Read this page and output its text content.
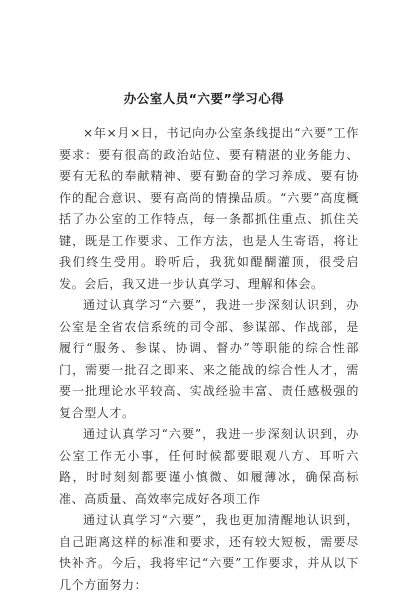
办公室人员“六要”学习心得

×年×月×日，书记向办公室条线提出“六要”工作要求：要有很高的政治站位、要有精湛的业务能力、要有无私的奉献精神、要有勤奋的学习养成、要有协作的配合意识、要有高尚的情操品质。“六要”高度概括了办公室的工作特点，每一条都抓住重点、抓住关键，既是工作要求、工作方法，也是人生寄语，将让我们终生受用。聆听后，我犹如醍醐灌顶，很受启发。会后，我又进一步认真学习、理解和体会。

通过认真学习“六要”，我进一步深刻认识到，办公室是全省农信系统的司令部、参谋部、作战部，是履行“服务、参谋、协调、督办”等职能的综合性部门，需要一批召之即来、来之能战的综合性人才，需要一批理论水平较高、实战经验丰富、责任感极强的复合型人才。

通过认真学习“六要”，我进一步深刻认识到，办公室工作无小事，任何时候都要眼观八方、耳听六路，时时刻刻都要谨小慎微、如履薄冰，确保高标准、高质量、高效率完成好各项工作

通过认真学习“六要”，我也更加清醒地认识到，自己距离这样的标准和要求，还有较大短板，需要尽快补齐。今后，我将牢记“六要”工作要求，并从以下几个方面努力：
